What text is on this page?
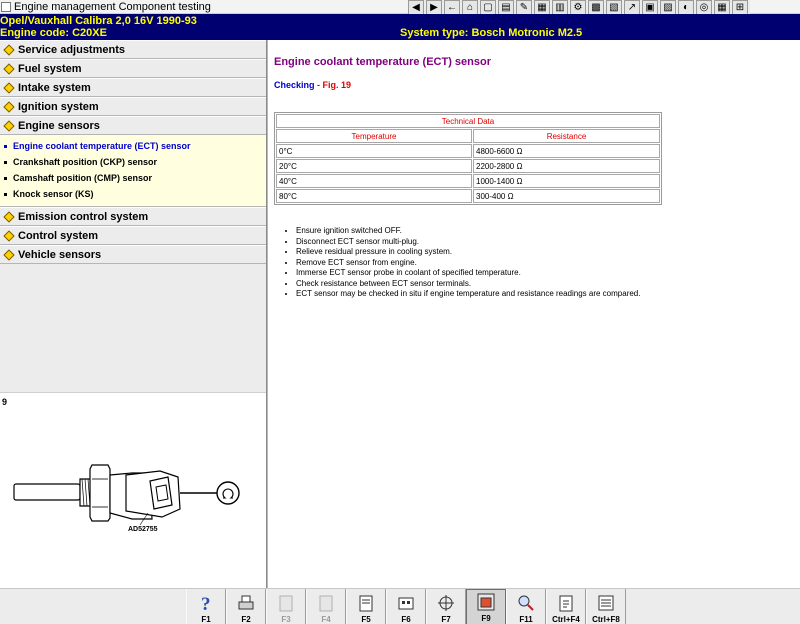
Engine management Component testing	◀	▶ ← ⌂	▢ ▤ ✎ ▦ ▥ ⚙ ▩ ▧ ↗ ▣ ▨	◐	◎ ▦ ⊞
Opel/Vauxhall Calibra 2,0 16V 1990-93
Engine code: C20XE	System type: Bosch Motronic M2.5
Service adjustments
Fuel system
Intake system
Ignition system
Engine sensors
Engine coolant temperature (ECT) sensor
Crankshaft position (CKP) sensor
Camshaft position (CMP) sensor
Knock sensor (KS)
Emission control system
Control system
Vehicle sensors
9
AD52755
Engine coolant temperature (ECT) sensor
Checking - Fig. 19
Technical Data	
Temperature	Resistance
0°C	4800-6600 Ω
20°C	2200-2800 Ω
40°C	1000-1400 Ω
80°C	300-400 Ω
• Ensure ignition switched OFF.
• Disconnect ECT sensor multi-plug.
• Relieve residual pressure in cooling system.
• Remove ECT sensor from engine.
• Immerse ECT sensor probe in coolant of specified temperature.
• Check resistance between ECT sensor terminals.
• ECT sensor may be checked in situ if engine temperature and resistance readings are compared.
?
F1	F2	F3	F4	F5	F6	F7	F9	F11 Ctrl+F4 Ctrl+F8
